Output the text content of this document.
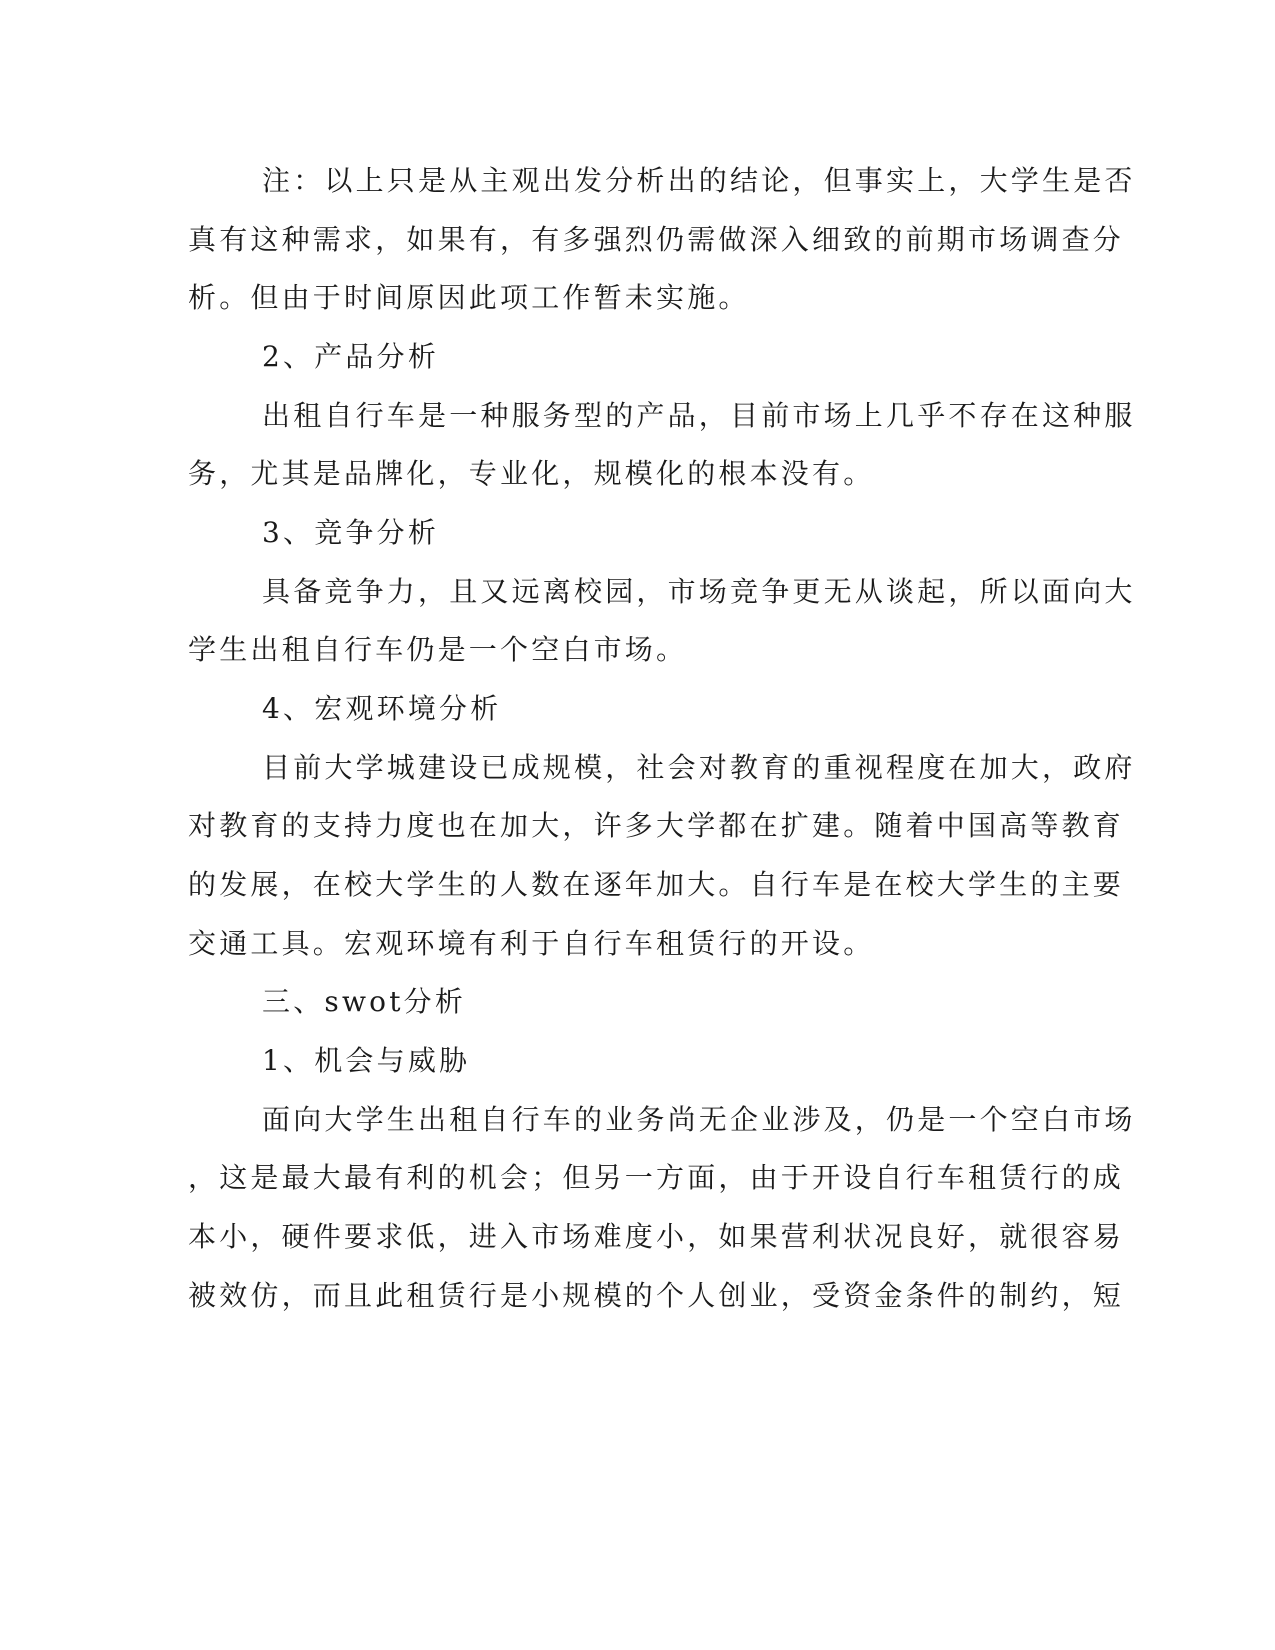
注：以上只是从主观出发分析出的结论，但事实上，大学生是否
真有这种需求，如果有，有多强烈仍需做深入细致的前期市场调查分
析。但由于时间原因此项工作暂未实施。
2、产品分析
出租自行车是一种服务型的产品，目前市场上几乎不存在这种服
务，尤其是品牌化，专业化，规模化的根本没有。
3、竞争分析
具备竞争力，且又远离校园，市场竞争更无从谈起，所以面向大
学生出租自行车仍是一个空白市场。
4、宏观环境分析
目前大学城建设已成规模，社会对教育的重视程度在加大，政府
对教育的支持力度也在加大，许多大学都在扩建。随着中国高等教育
的发展，在校大学生的人数在逐年加大。自行车是在校大学生的主要
交通工具。宏观环境有利于自行车租赁行的开设。
三、swot分析
1、机会与威胁
面向大学生出租自行车的业务尚无企业涉及，仍是一个空白市场
，这是最大最有利的机会；但另一方面，由于开设自行车租赁行的成
本小，硬件要求低，进入市场难度小，如果营利状况良好，就很容易
被效仿，而且此租赁行是小规模的个人创业，受资金条件的制约，短
